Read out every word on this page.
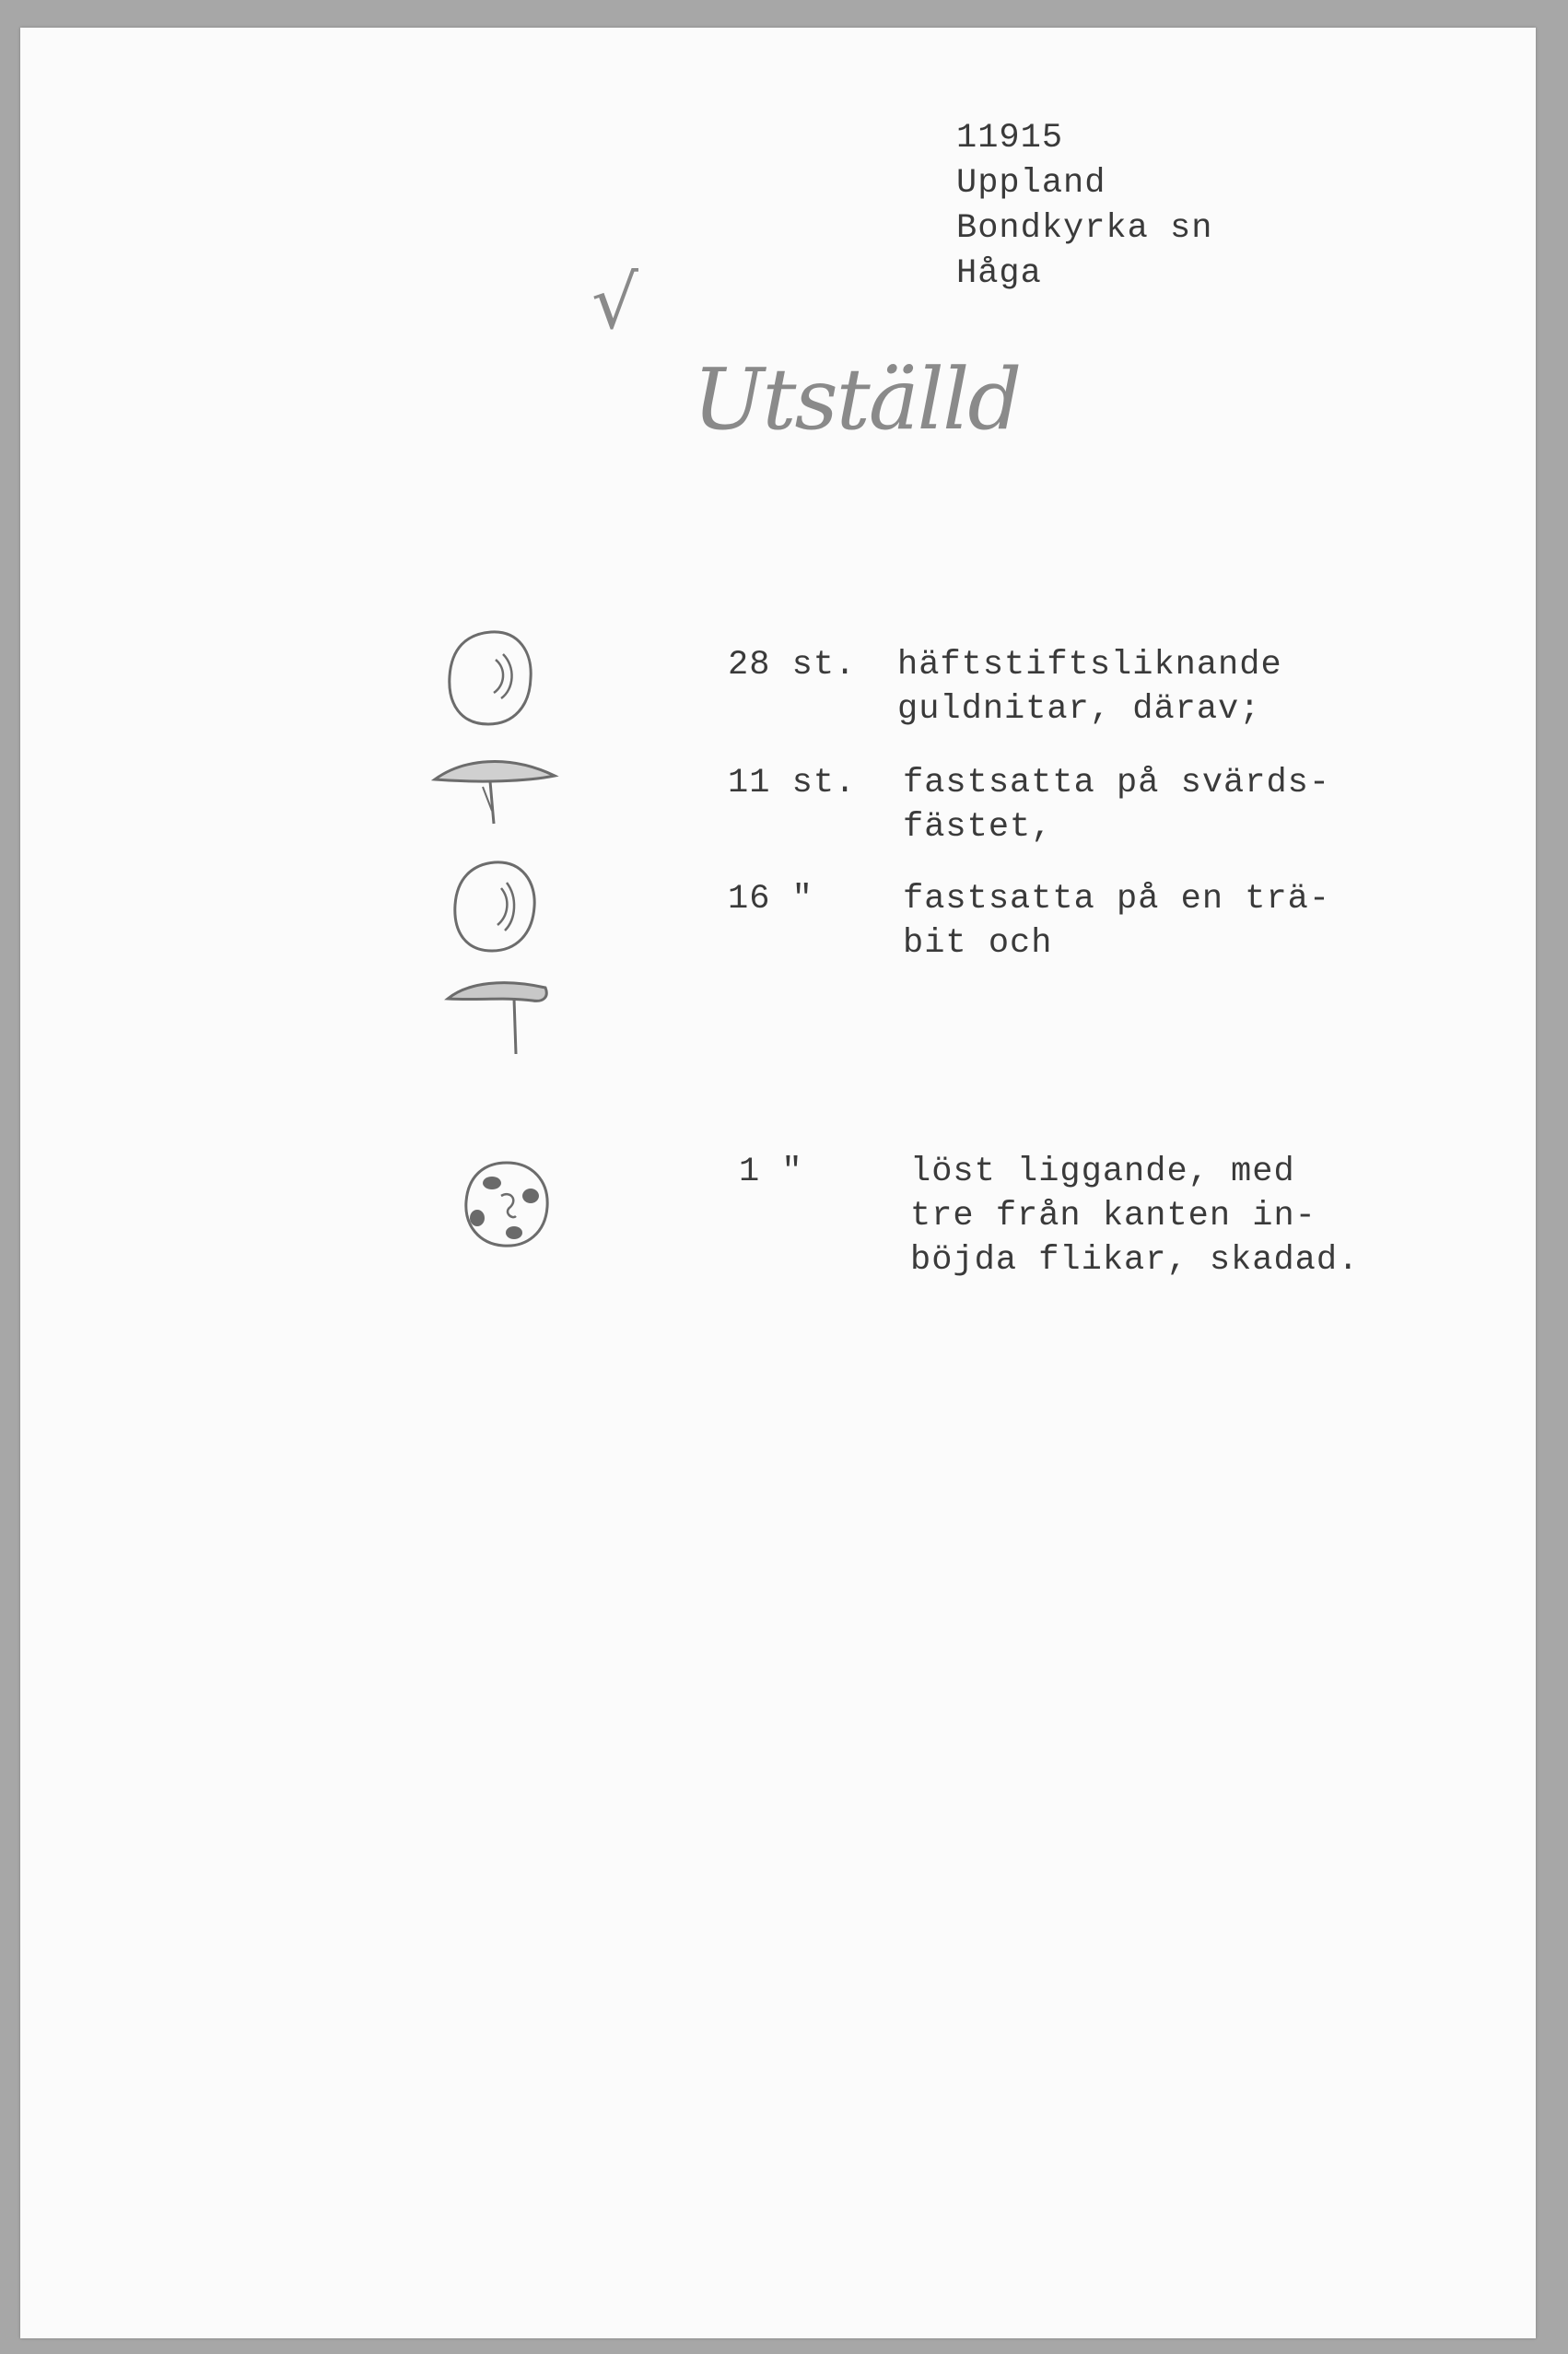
11915
Uppland
Bondkyrka sn
Håga
√
Utställd
28 st. häftstiftsliknande
guldnitar, därav;
11 st. fastsatta på svärds-
fästet,
16 "	fastsatta på en trä-
bit och
1 "	löst liggande, med
tre från kanten in-
böjda flikar, skadad.
